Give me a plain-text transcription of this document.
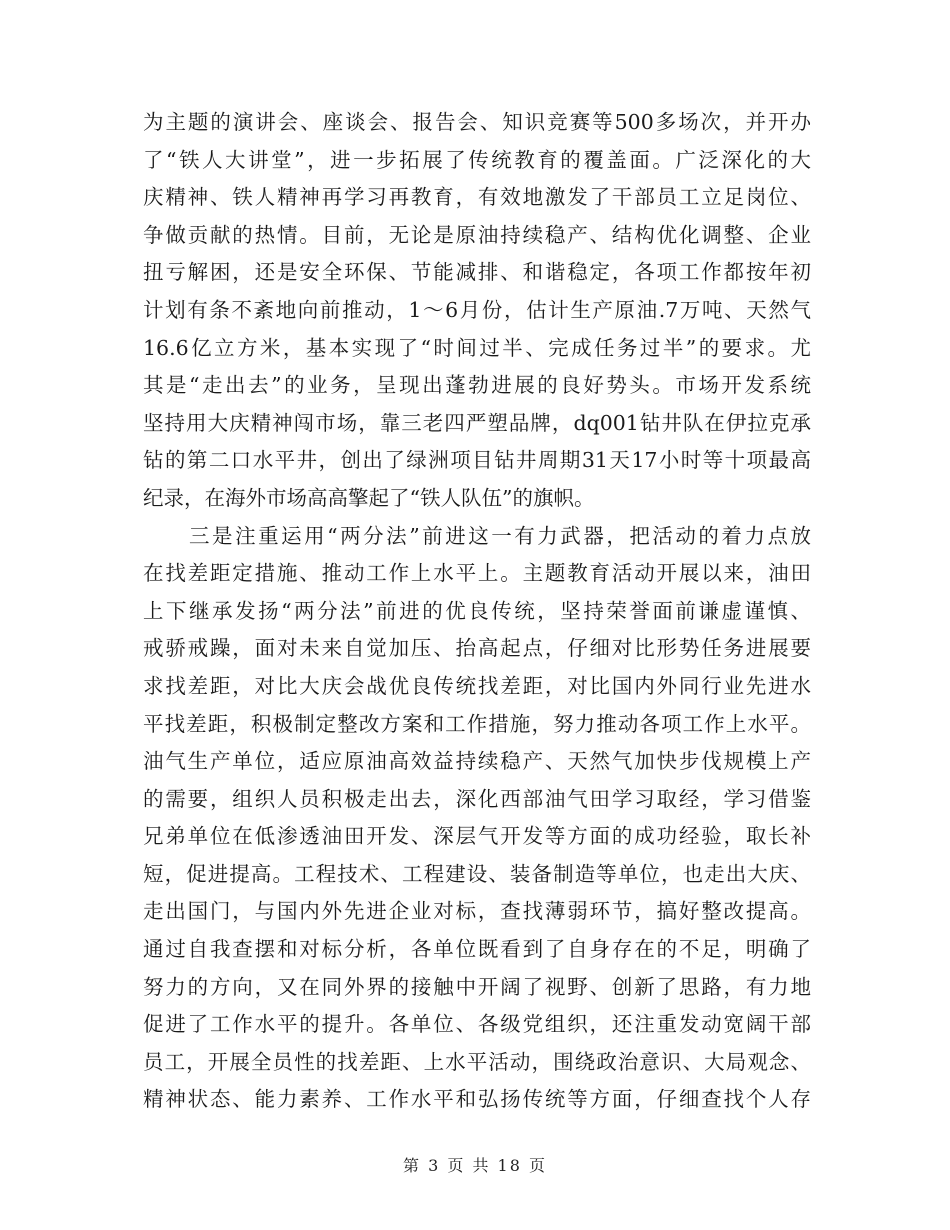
为主题的演讲会、座谈会、报告会、知识竞赛等500多场次，并开办
了“铁人大讲堂”，进一步拓展了传统教育的覆盖面。广泛深化的大
庆精神、铁人精神再学习再教育，有效地激发了干部员工立足岗位、
争做贡献的热情。目前，无论是原油持续稳产、结构优化调整、企业
扭亏解困，还是安全环保、节能减排、和谐稳定，各项工作都按年初
计划有条不紊地向前推动，1～6月份，估计生产原油.7万吨、天然气
16.6亿立方米，基本实现了“时间过半、完成任务过半”的要求。尤
其是“走出去”的业务，呈现出蓬勃进展的良好势头。市场开发系统
坚持用大庆精神闯市场，靠三老四严塑品牌，dq001钻井队在伊拉克承
钻的第二口水平井，创出了绿洲项目钻井周期31天17小时等十项最高
纪录，在海外市场高高擎起了“铁人队伍”的旗帜。
　　三是注重运用“两分法”前进这一有力武器，把活动的着力点放
在找差距定措施、推动工作上水平上。主题教育活动开展以来，油田
上下继承发扬“两分法”前进的优良传统，坚持荣誉面前谦虚谨慎、
戒骄戒躁，面对未来自觉加压、抬高起点，仔细对比形势任务进展要
求找差距，对比大庆会战优良传统找差距，对比国内外同行业先进水
平找差距，积极制定整改方案和工作措施，努力推动各项工作上水平。
油气生产单位，适应原油高效益持续稳产、天然气加快步伐规模上产
的需要，组织人员积极走出去，深化西部油气田学习取经，学习借鉴
兄弟单位在低渗透油田开发、深层气开发等方面的成功经验，取长补
短，促进提高。工程技术、工程建设、装备制造等单位，也走出大庆、
走出国门，与国内外先进企业对标，查找薄弱环节，搞好整改提高。
通过自我查摆和对标分析，各单位既看到了自身存在的不足，明确了
努力的方向，又在同外界的接触中开阔了视野、创新了思路，有力地
促进了工作水平的提升。各单位、各级党组织，还注重发动宽阔干部
员工，开展全员性的找差距、上水平活动，围绕政治意识、大局观念、
精神状态、能力素养、工作水平和弘扬传统等方面，仔细查找个人存
第 3 页 共 18 页
